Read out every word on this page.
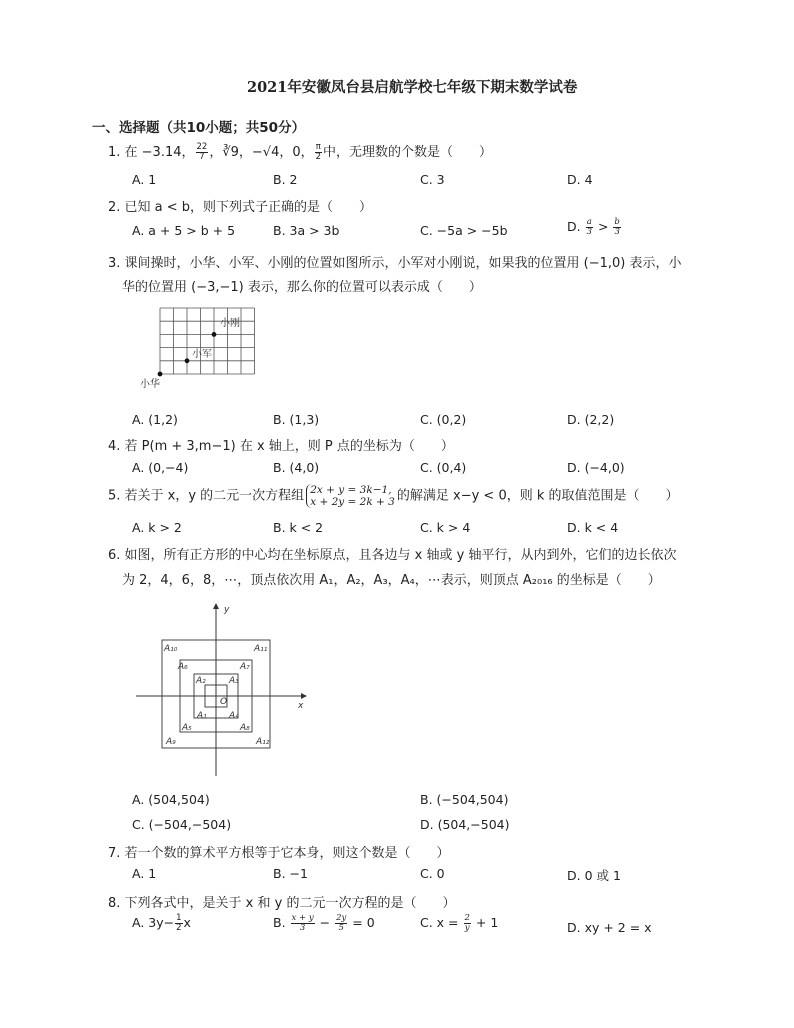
2021年安徽凤台县启航学校七年级下期末数学试卷
一、选择题（共10小题；共50分）
1. 在 −3.14， $\frac{22}{7}$ ，∛9，−√4，0， $\frac{\pi}{2}$ 中，无理数的个数是（　　）
A. 1	B. 2	C. 3	D. 4
2. 已知 a < b，则下列式子正确的是（　　）
A. a + 5 > b + 5	B. 3a > 3b	C. −5a > −5b	D. $\frac{a}{3} > \frac{b}{3}$
3. 课间操时，小华、小军、小刚的位置如图所示，小军对小刚说，如果我的位置用 (−1,0) 表示，小
华的位置用 (−3,−1) 表示，那么你的位置可以表示成（　　）
小刚
小军
小华
A. (1,2)	B. (1,3)	C. (0,2)	D. (2,2)
4. 若 P(m + 3,m−1) 在 x 轴上，则 P 点的坐标为（　　）
A. (0,−4)	B. (4,0)	C. (0,4)	D. (−4,0)
5. 若关于 x，y 的二元一次方程组 2x + y = 3k−1,
x + 2y = 2k + 3 的解满足 x−y < 0，则 k 的取值范围是（　　）
A. k > 2	B. k < 2	C. k > 4	D. k < 4
6. 如图，所有正方形的中心均在坐标原点，且各边与 x 轴或 y 轴平行，从内到外，它们的边长依次
为 2，4，6，8，⋯，顶点依次用 A₁，A₂，A₃，A₄，⋯表示，则顶点 A₂₀₁₆ 的坐标是（　　）
x
y
O
A₁
A₂	A₃
A₄
A₅
A₆	A₇
A₈
A₉
A₁₀	A₁₁
A₁₂
A. (504,504)	B. (−504,504)
C. (−504,−504)	D. (504,−504)
7. 若一个数的算术平方根等于它本身，则这个数是（　　）
A. 1	B. −1	C. 0	D. 0 或 1
8. 下列各式中，是关于 x 和 y 的二元一次方程的是（　　）
A. $3y- \frac{1}{2}$ x	B. $\frac{x + y}{3} - \frac{2y}{5} = 0$	C. $x = \frac{2}{y} + 1$	D. xy + 2 = x
